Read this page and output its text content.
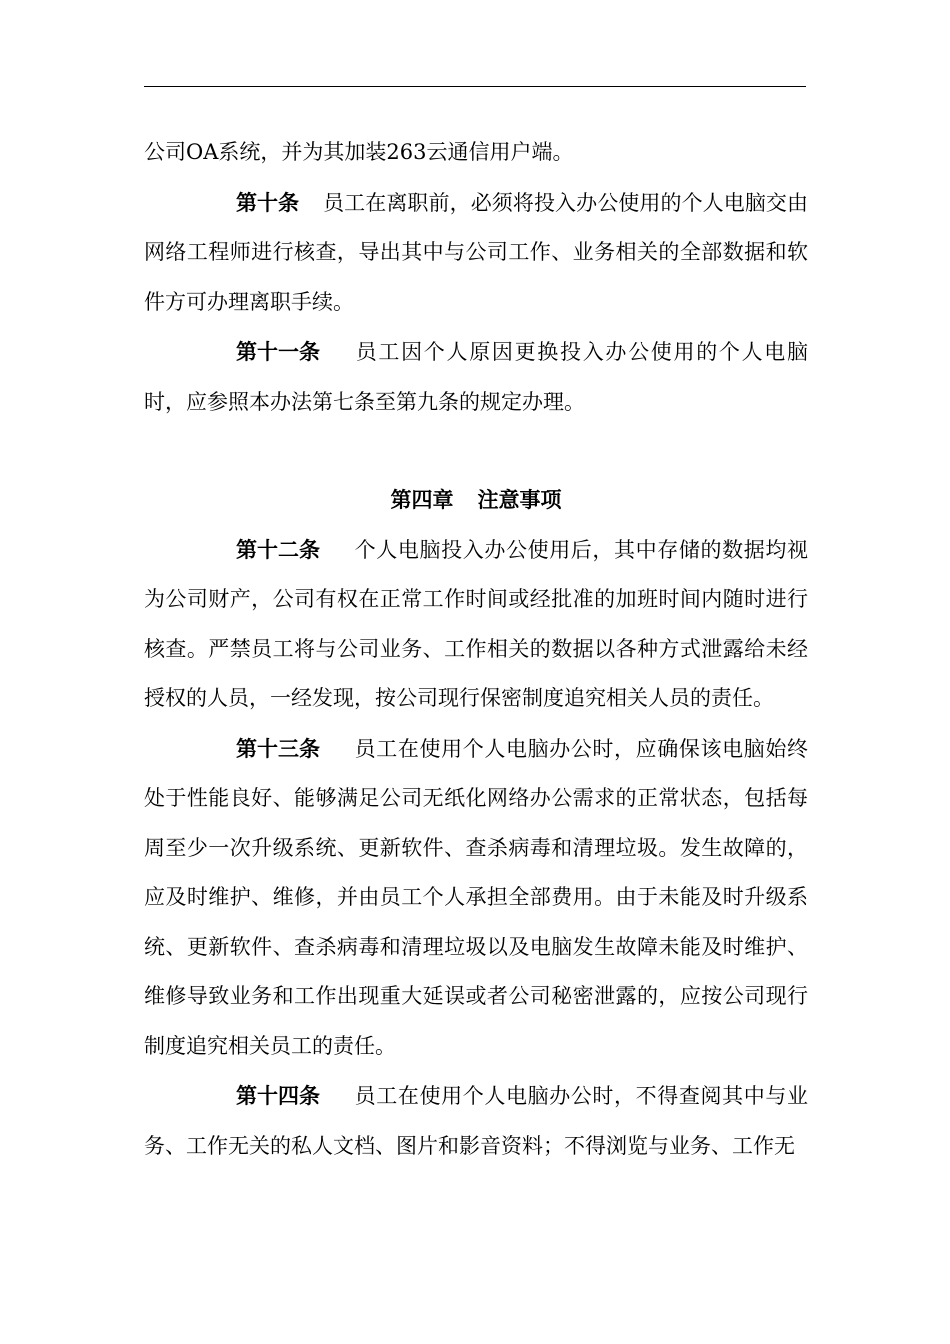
公司OA系统，并为其加装263云通信用户端。

第十条 员工在离职前，必须将投入办公使用的个人电脑交由网络工程师进行核查，导出其中与公司工作、业务相关的全部数据和软件方可办理离职手续。

第十一条 员工因个人原因更换投入办公使用的个人电脑时，应参照本办法第七条至第九条的规定办理。

第四章 注意事项

第十二条 个人电脑投入办公使用后，其中存储的数据均视为公司财产，公司有权在正常工作时间或经批准的加班时间内随时进行核查。严禁员工将与公司业务、工作相关的数据以各种方式泄露给未经授权的人员，一经发现，按公司现行保密制度追究相关人员的责任。

第十三条 员工在使用个人电脑办公时，应确保该电脑始终处于性能良好、能够满足公司无纸化网络办公需求的正常状态，包括每周至少一次升级系统、更新软件、查杀病毒和清理垃圾。发生故障的，应及时维护、维修，并由员工个人承担全部费用。由于未能及时升级系统、更新软件、查杀病毒和清理垃圾以及电脑发生故障未能及时维护、维修导致业务和工作出现重大延误或者公司秘密泄露的，应按公司现行制度追究相关员工的责任。

第十四条 员工在使用个人电脑办公时，不得查阅其中与业务、工作无关的私人文档、图片和影音资料；不得浏览与业务、工作无
